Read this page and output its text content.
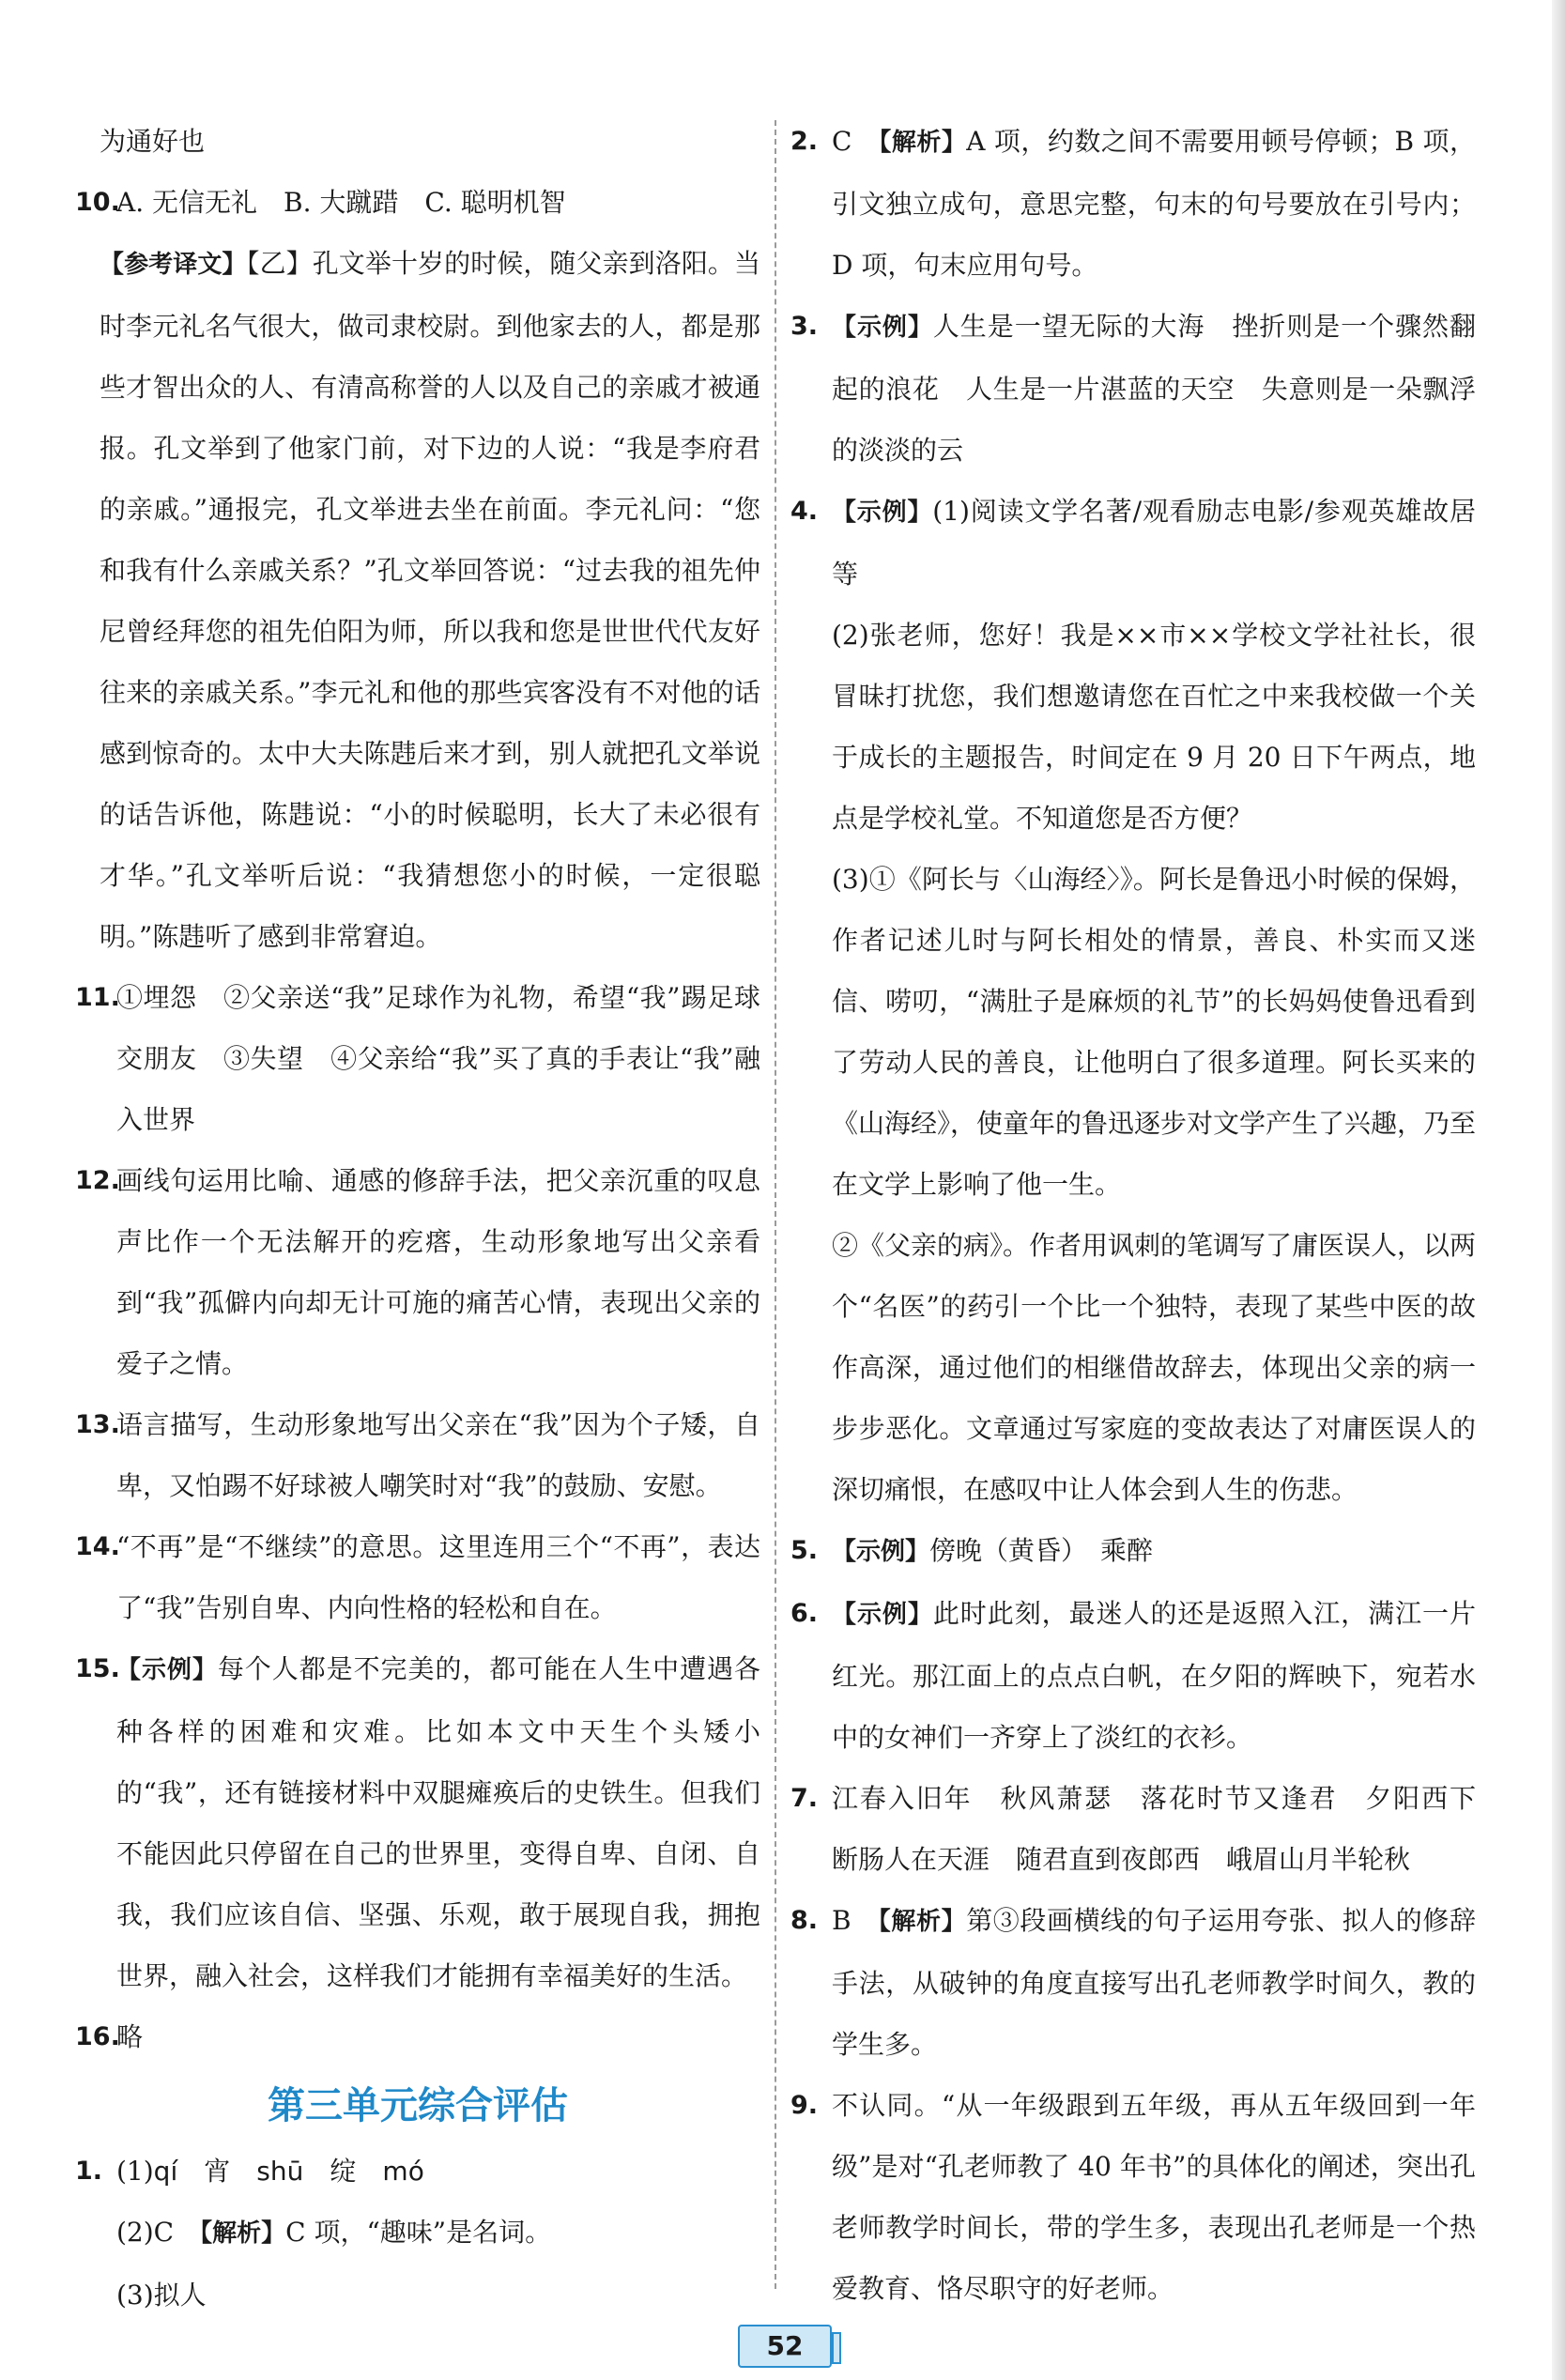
为通好也
10.
A. 无信无礼　B. 大蹴踖　C. 聪明机智
【参考译文】【乙】孔文举十岁的时候，随父亲到洛阳。当时李元礼名气很大，做司隶校尉。到他家去的人，都是那些才智出众的人、有清高称誉的人以及自己的亲戚才被通报。孔文举到了他家门前，对下边的人说：“我是李府君的亲戚。”通报完，孔文举进去坐在前面。李元礼问：“您和我有什么亲戚关系？”孔文举回答说：“过去我的祖先仲尼曾经拜您的祖先伯阳为师，所以我和您是世世代代友好往来的亲戚关系。”李元礼和他的那些宾客没有不对他的话感到惊奇的。太中大夫陈韪后来才到，别人就把孔文举说的话告诉他，陈韪说：“小的时候聪明，长大了未必很有才华。”孔文举听后说：“我猜想您小的时候，一定很聪明。”陈韪听了感到非常窘迫。
11.
①埋怨　②父亲送“我”足球作为礼物，希望“我”踢足球交朋友　③失望　④父亲给“我”买了真的手表让“我”融入世界
12.
画线句运用比喻、通感的修辞手法，把父亲沉重的叹息声比作一个无法解开的疙瘩，生动形象地写出父亲看到“我”孤僻内向却无计可施的痛苦心情，表现出父亲的爱子之情。
13.
语言描写，生动形象地写出父亲在“我”因为个子矮，自卑，又怕踢不好球被人嘲笑时对“我”的鼓励、安慰。
14.
“不再”是“不继续”的意思。这里连用三个“不再”，表达了“我”告别自卑、内向性格的轻松和自在。
15.
【示例】每个人都是不完美的，都可能在人生中遭遇各种各样的困难和灾难。比如本文中天生个头矮小的“我”，还有链接材料中双腿瘫痪后的史铁生。但我们不能因此只停留在自己的世界里，变得自卑、自闭、自我，我们应该自信、坚强、乐观，敢于展现自我，拥抱世界，融入社会，这样我们才能拥有幸福美好的生活。
16.
略
第三单元综合评估
1. (1)qí　 宵　 shū　 绽　 mó
(2)C　 【解析】C 项，“趣味”是名词。
(3)拟人
2. C　 【解析】A 项，约数之间不需要用顿号停顿；B 项，引文独立成句，意思完整，句末的句号要放在引号内；D 项，句末应用句号。
3. 【示例】人生是一望无际的大海　挫折则是一个骤然翻起的浪花　人生是一片湛蓝的天空　失意则是一朵飘浮的淡淡的云
4. 【示例】(1)阅读文学名著/观看励志电影/参观英雄故居等
(2)张老师，您好！我是××市××学校文学社社长，很冒昧打扰您，我们想邀请您在百忙之中来我校做一个关于成长的主题报告，时间定在 9 月 20 日下午两点，地点是学校礼堂。不知道您是否方便？
(3)①《阿长与〈山海经〉》。阿长是鲁迅小时候的保姆，作者记述儿时与阿长相处的情景，善良、朴实而又迷信、唠叨，“满肚子是麻烦的礼节”的长妈妈使鲁迅看到了劳动人民的善良，让他明白了很多道理。阿长买来的《山海经》，使童年的鲁迅逐步对文学产生了兴趣，乃至在文学上影响了他一生。
②《父亲的病》。作者用讽刺的笔调写了庸医误人，以两个“名医”的药引一个比一个独特，表现了某些中医的故作高深，通过他们的相继借故辞去，体现出父亲的病一步步恶化。文章通过写家庭的变故表达了对庸医误人的深切痛恨，在感叹中让人体会到人生的伤悲。
5. 【示例】傍晚（黄昏）　乘醉
6. 【示例】此时此刻，最迷人的还是返照入江，满江一片红光。那江面上的点点白帆，在夕阳的辉映下，宛若水中的女神们一齐穿上了淡红的衣衫。
7. 江春入旧年　秋风萧瑟　落花时节又逢君　夕阳西下　断肠人在天涯　随君直到夜郎西　峨眉山月半轮秋
8. B　 【解析】第③段画横线的句子运用夸张、拟人的修辞手法，从破钟的角度直接写出孔老师教学时间久，教的学生多。
9. 不认同。“从一年级跟到五年级，再从五年级回到一年级”是对“孔老师教了 40 年书”的具体化的阐述，突出孔老师教学时间长，带的学生多，表现出孔老师是一个热爱教育、恪尽职守的好老师。
52
